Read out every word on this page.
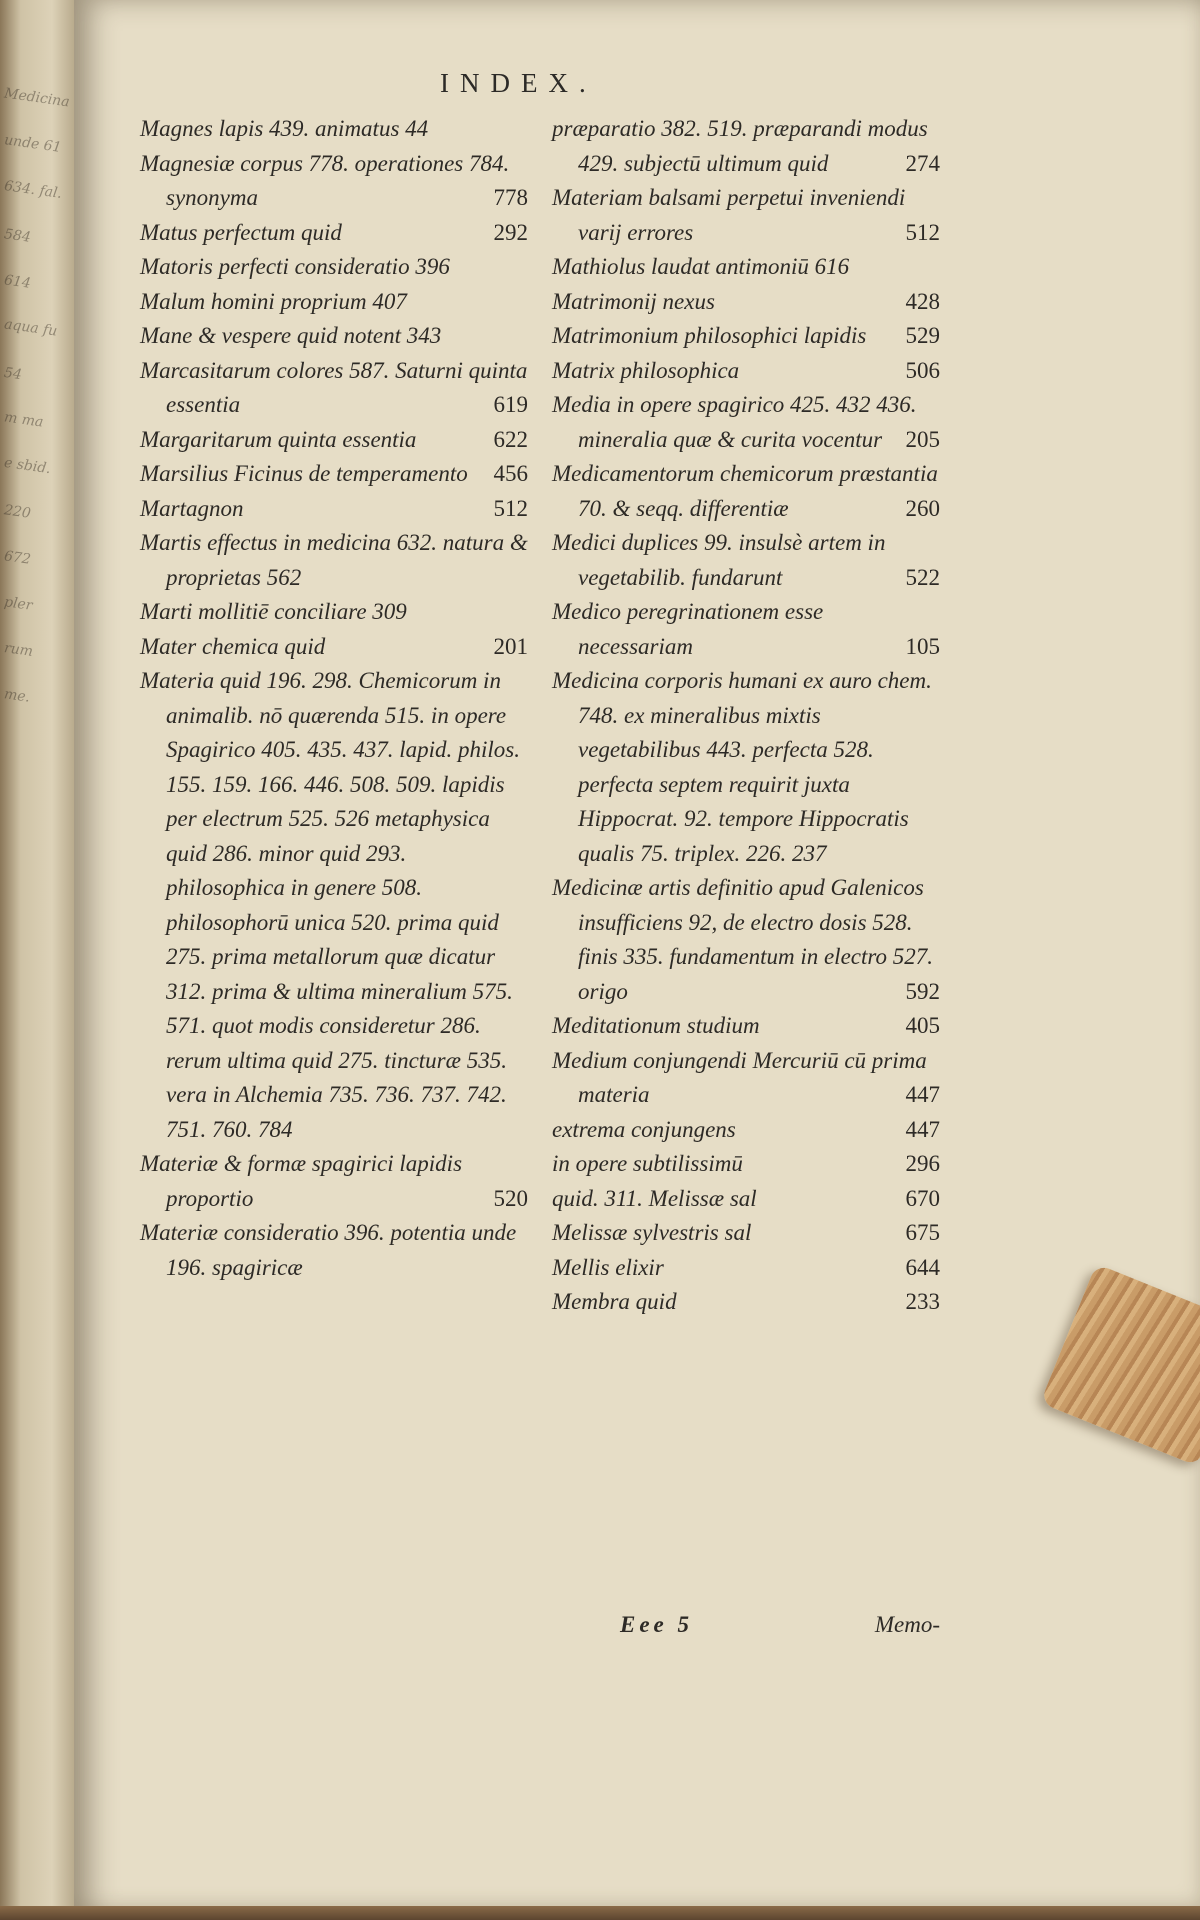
Medicina
unde 61
634. fal.
584
614
aqua fu
54
m ma
e sbid.
220
672
pler
rum
me.
INDEX.
Magnes lapis 439. animatus 44
Magnesiæ corpus 778. operationes 784. synonyma	778
Matus perfectum quid	292
Matoris perfecti consideratio 396
Malum homini proprium 407
Mane & vespere quid notent 343
Marcasitarum colores 587. Saturni quinta essentia	619
Margaritarum quinta essentia	622
Marsilius Ficinus de temperamento	456
Martagnon	512
Martis effectus in medicina 632. natura & proprietas 562
Marti mollitiē conciliare 309
Mater chemica quid	201
Materia quid 196. 298. Chemicorum in animalib. nō quærenda 515. in opere Spagirico 405. 435. 437. lapid. philos. 155. 159. 166. 446. 508. 509. lapidis per electrum 525. 526 metaphysica quid 286. minor quid 293. philosophica in genere 508. philosophorū unica 520. prima quid 275. prima metallorum quæ dicatur 312. prima & ultima mineralium 575. 571. quot modis consideretur 286. rerum ultima quid 275. tincturæ 535. vera in Alchemia 735. 736. 737. 742. 751. 760. 784
Materiæ & formæ spagirici lapidis proportio	520
Materiæ consideratio 396. potentia unde 196. spagiricæ
præparatio 382. 519. præparandi modus 429. subjectū ultimum quid	274
Materiam balsami perpetui inveniendi varij errores	512
Mathiolus laudat antimoniū 616
Matrimonij nexus	428
Matrimonium philosophici lapidis	529
Matrix philosophica	506
Media in opere spagirico 425. 432 436. mineralia quæ & curita vocentur	205
Medicamentorum chemicorum præstantia 70. & seqq. differentiæ	260
Medici duplices 99. insulsè artem in vegetabilib. fundarunt	522
Medico peregrinationem esse necessariam	105
Medicina corporis humani ex auro chem. 748. ex mineralibus mixtis vegetabilibus 443. perfecta 528. perfecta septem requirit juxta Hippocrat. 92. tempore Hippocratis qualis 75. triplex. 226. 237
Medicinæ artis definitio apud Galenicos insufficiens 92, de electro dosis 528. finis 335. fundamentum in electro 527. origo	592
Meditationum studium	405
Medium conjungendi Mercuriū cū prima materia	447
extrema conjungens	447
in opere subtilissimū	296
quid. 311. Melissæ sal	670
Melissæ sylvestris sal	675
Mellis elixir	644
Membra quid	233
Eee 5	Memo-
